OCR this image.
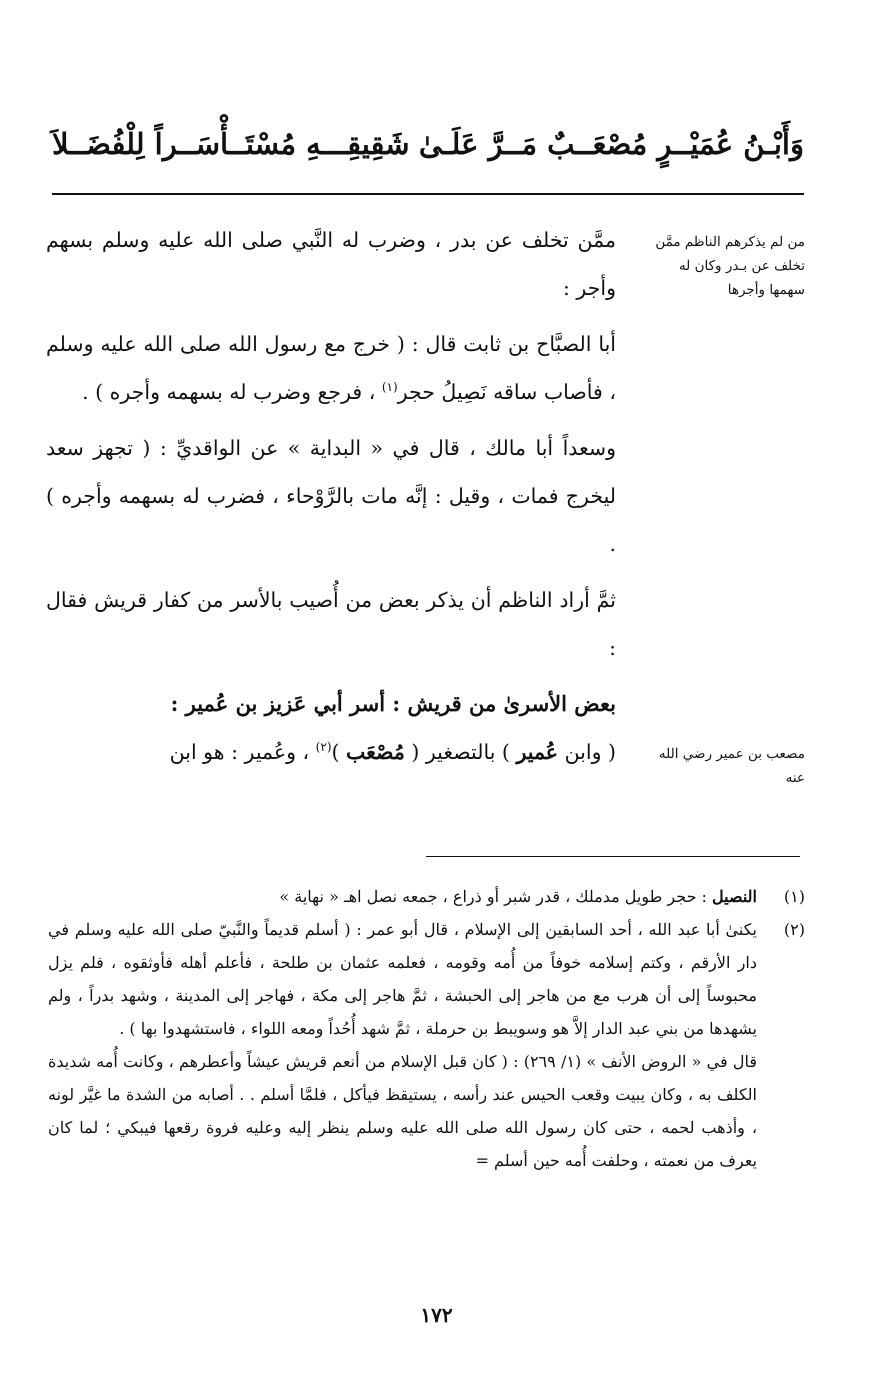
وَأَبْـنُ عُمَيْــرٍ مُصْعَــبٌ مَــرَّ عَلَـىٰ
شَقِيقِـــهِ مُسْتَــأْسَــراً لِلْفُضَــلاَ
من لم يذكرهم الناظم ممَّن تخلف عن بـدر وكان له سهمها وأجرها
مصعب بن عمير رضي الله عنه

ممَّن تخلف عن بدر ، وضرب له النَّبي صلى الله عليه وسلم بسهم وأجر :

أبا الصبَّاح بن ثابت قال : ( خرج مع رسول الله صلى الله عليه وسلم ، فأصاب ساقه نَصِيلُ حجر$^{(١)}$ ، فرجع وضرب له بسهمه وأجره ) .

وسعداً أبا مالك ، قال في « البداية » عن الواقديِّ : ( تجهز سعد ليخرج فمات ، وقيل : إنَّه مات بالرَّوْحاء ، فضرب له بسهمه وأجره ) .

ثمَّ أراد الناظم أن يذكر بعض من أُصيب بالأسر من كفار قريش فقال :

بعض الأسرىٰ من قريش : أسر أبي عَزيز بن عُمير :

( وابن عُمير ) بالتصغير ( مُصْعَب )$^{(٢)}$ ، وعُمير : هو ابن

(١)
النصيل : حجر طويل مدملك ، قدر شبر أو ذراع ، جمعه نصل اهـ « نهاية »

(٢)
يكنىٰ أبا عبد الله ، أحد السابقين إلى الإسلام ، قال أبو عمر : ( أسلم قديماً والنَّبيّ صلى الله عليه وسلم في دار الأرقم ، وكتم إسلامه خوفاً من أُمه وقومه ، فعلمه عثمان بن طلحة ، فأعلم أهله فأوثقوه ، فلم يزل محبوساً إلى أن هرب مع من هاجر إلى الحبشة ، ثمَّ هاجر إلى مكة ، فهاجر إلى المدينة ، وشهد بدراً ، ولم يشهدها من بني عبد الدار إلاَّ هو وسويبط بن حرملة ، ثمَّ شهد أُحُداً ومعه اللواء ، فاستشهدوا بها ) .

قال في « الروض الأنف » (١/ ٢٦٩) : ( كان قبل الإسلام من أنعم قريش عيشاً وأعطرهم ، وكانت أُمه شديدة الكلف به ، وكان يبيت وقعب الحيس عند رأسه ، يستيقظ فيأكل ، فلمَّا أسلم . . أصابه من الشدة ما غيَّر لونه ، وأذهب لحمه ، حتى كان رسول الله صلى الله عليه وسلم ينظر إليه وعليه فروة رقعها فيبكي ؛ لما كان يعرف من نعمته ، وحلفت أُمه حين أسلم =

١٧٢
